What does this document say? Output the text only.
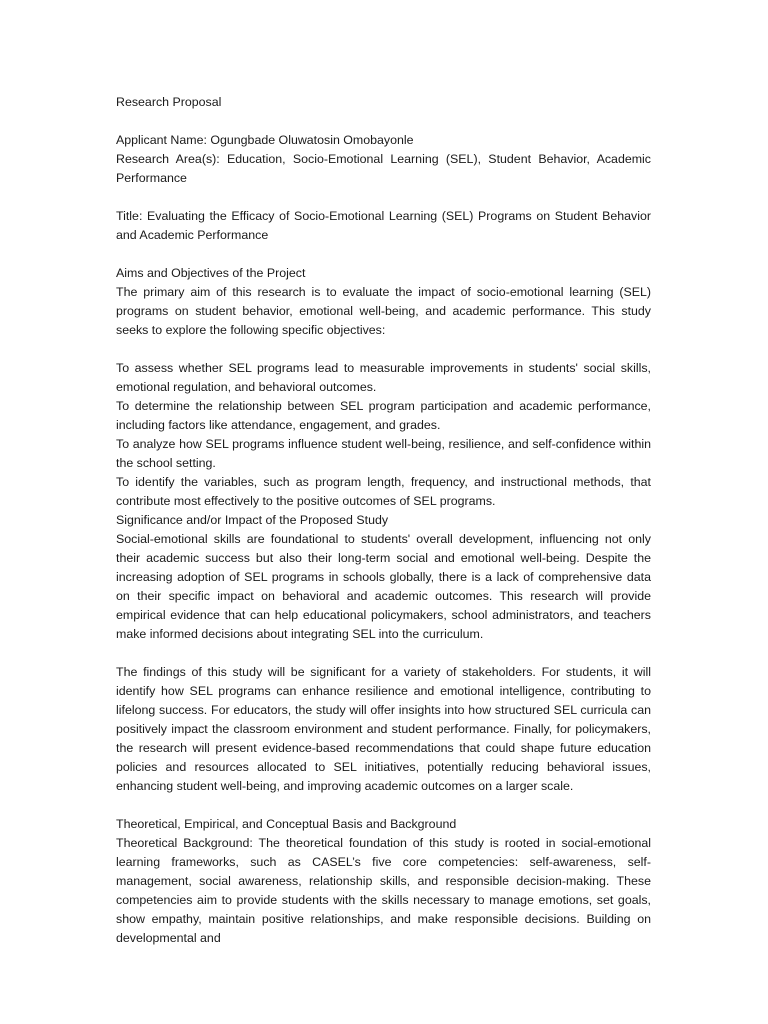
Research Proposal

Applicant Name: Ogungbade Oluwatosin Omobayonle

Research Area(s): Education, Socio-Emotional Learning (SEL), Student Behavior, Academic Performance

Title: Evaluating the Efficacy of Socio-Emotional Learning (SEL) Programs on Student Behavior and Academic Performance

Aims and Objectives of the Project

The primary aim of this research is to evaluate the impact of socio-emotional learning (SEL) programs on student behavior, emotional well-being, and academic performance. This study seeks to explore the following specific objectives:

To assess whether SEL programs lead to measurable improvements in students' social skills, emotional regulation, and behavioral outcomes.

To determine the relationship between SEL program participation and academic performance, including factors like attendance, engagement, and grades.

To analyze how SEL programs influence student well-being, resilience, and self-confidence within the school setting.

To identify the variables, such as program length, frequency, and instructional methods, that contribute most effectively to the positive outcomes of SEL programs.

Significance and/or Impact of the Proposed Study

Social-emotional skills are foundational to students' overall development, influencing not only their academic success but also their long-term social and emotional well-being. Despite the increasing adoption of SEL programs in schools globally, there is a lack of comprehensive data on their specific impact on behavioral and academic outcomes. This research will provide empirical evidence that can help educational policymakers, school administrators, and teachers make informed decisions about integrating SEL into the curriculum.

The findings of this study will be significant for a variety of stakeholders. For students, it will identify how SEL programs can enhance resilience and emotional intelligence, contributing to lifelong success. For educators, the study will offer insights into how structured SEL curricula can positively impact the classroom environment and student performance. Finally, for policymakers, the research will present evidence-based recommendations that could shape future education policies and resources allocated to SEL initiatives, potentially reducing behavioral issues, enhancing student well-being, and improving academic outcomes on a larger scale.

Theoretical, Empirical, and Conceptual Basis and Background

Theoretical Background: The theoretical foundation of this study is rooted in social-emotional learning frameworks, such as CASEL’s five core competencies: self-awareness, self-management, social awareness, relationship skills, and responsible decision-making. These competencies aim to provide students with the skills necessary to manage emotions, set goals, show empathy, maintain positive relationships, and make responsible decisions. Building on developmental and
